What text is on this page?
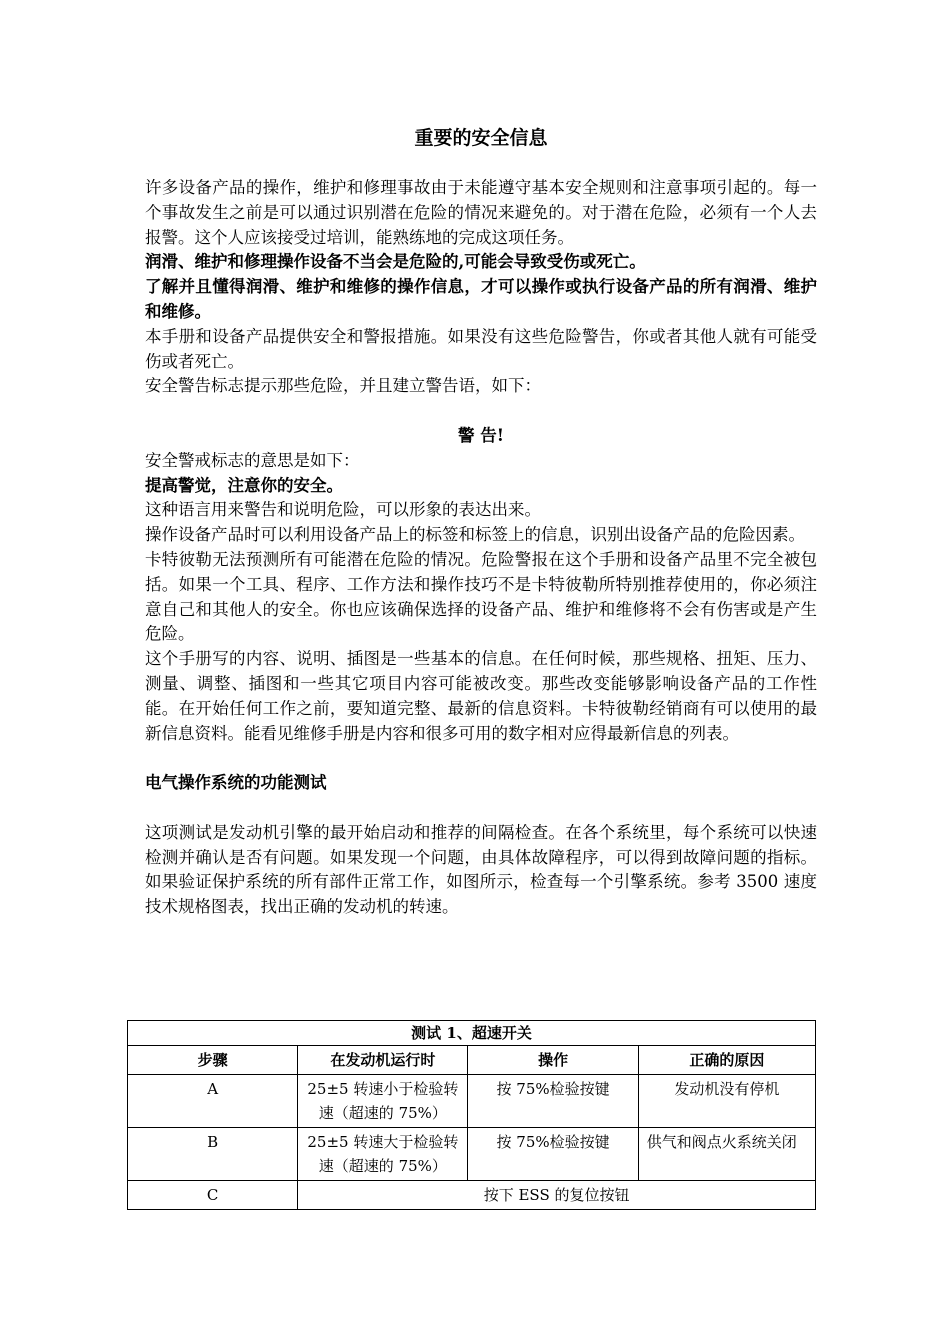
重要的安全信息

许多设备产品的操作，维护和修理事故由于未能遵守基本安全规则和注意事项引起的。每一个事故发生之前是可以通过识别潜在危险的情况来避免的。对于潜在危险，必须有一个人去报警。这个人应该接受过培训，能熟练地的完成这项任务。

润滑、维护和修理操作设备不当会是危险的,可能会导致受伤或死亡。

了解并且懂得润滑、维护和维修的操作信息，才可以操作或执行设备产品的所有润滑、维护和维修。

本手册和设备产品提供安全和警报措施。如果没有这些危险警告，你或者其他人就有可能受伤或者死亡。

安全警告标志提示那些危险，并且建立警告语，如下：

警 告!

安全警戒标志的意思是如下：

提高警觉，注意你的安全。

这种语言用来警告和说明危险，可以形象的表达出来。

操作设备产品时可以利用设备产品上的标签和标签上的信息，识别出设备产品的危险因素。

卡特彼勒无法预测所有可能潜在危险的情况。危险警报在这个手册和设备产品里不完全被包括。如果一个工具、程序、工作方法和操作技巧不是卡特彼勒所特别推荐使用的，你必须注意自己和其他人的安全。你也应该确保选择的设备产品、维护和维修将不会有伤害或是产生危险。

这个手册写的内容、说明、插图是一些基本的信息。在任何时候，那些规格、扭矩、压力、测量、调整、插图和一些其它项目内容可能被改变。那些改变能够影响设备产品的工作性能。在开始任何工作之前，要知道完整、最新的信息资料。卡特彼勒经销商有可以使用的最新信息资料。能看见维修手册是内容和很多可用的数字相对应得最新信息的列表。

电气操作系统的功能测试

这项测试是发动机引擎的最开始启动和推荐的间隔检查。在各个系统里，每个系统可以快速检测并确认是否有问题。如果发现一个问题，由具体故障程序，可以得到故障问题的指标。如果验证保护系统的所有部件正常工作，如图所示，检查每一个引擎系统。参考 3500 速度技术规格图表，找出正确的发动机的转速。

测试 1、超速开关			
步骤	在发动机运行时	操作	正确的原因
A	25±5 转速小于检验转速（超速的 75%）	按 75%检验按键	发动机没有停机
B	25±5 转速大于检验转速（超速的 75%）	按 75%检验按键	供气和阀点火系统关闭
C	按下 ESS 的复位按钮		
